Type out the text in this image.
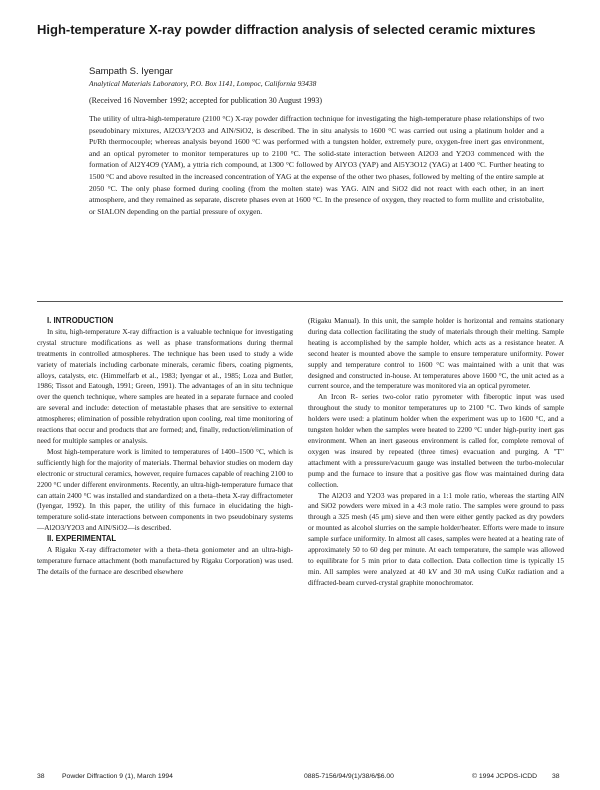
High-temperature X-ray powder diffraction analysis of selected ceramic mixtures
Sampath S. Iyengar
Analytical Materials Laboratory, P.O. Box 1141, Lompoc, California 93438
(Received 16 November 1992; accepted for publication 30 August 1993)
The utility of ultra-high-temperature (2100 °C) X-ray powder diffraction technique for investigating the high-temperature phase relationships of two pseudobinary mixtures, Al2O3/Y2O3 and AlN/SiO2, is described. The in situ analysis to 1600 °C was carried out using a platinum holder and a Pt/Rh thermocouple; whereas analysis beyond 1600 °C was performed with a tungsten holder, extremely pure, oxygen-free inert gas environment, and an optical pyrometer to monitor temperatures up to 2100 °C. The solid-state interaction between Al2O3 and Y2O3 commenced with the formation of Al2Y4O9 (YAM), a yttria rich compound, at 1300 °C followed by AlYO3 (YAP) and Al5Y3O12 (YAG) at 1400 °C. Further heating to 1500 °C and above resulted in the increased concentration of YAG at the expense of the other two phases, followed by melting of the entire sample at 2050 °C. The only phase formed during cooling (from the molten state) was YAG. AlN and SiO2 did not react with each other, in an inert atmosphere, and they remained as separate, discrete phases even at 1600 °C. In the presence of oxygen, they reacted to form mullite and cristobalite, or SIALON depending on the partial pressure of oxygen.

I. INTRODUCTION

In situ, high-temperature X-ray diffraction is a valuable technique for investigating crystal structure modifications as well as phase transformations during thermal treatments in controlled atmospheres. The technique has been used to study a wide variety of materials including carbonate minerals, ceramic fibers, coating pigments, alloys, catalysts, etc. (Himmelfarb et al., 1983; Iyengar et al., 1985; Loza and Butler, 1986; Tissot and Eatough, 1991; Green, 1991). The advantages of an in situ technique over the quench technique, where samples are heated in a separate furnace and cooled are several and include: detection of metastable phases that are sensitive to external atmospheres; elimination of possible rehydration upon cooling, real time monitoring of reactions that occur and products that are formed; and, finally, reduction/elimination of need for multiple samples or analysis.

Most high-temperature work is limited to temperatures of 1400–1500 °C, which is sufficiently high for the majority of materials. Thermal behavior studies on modern day electronic or structural ceramics, however, require furnaces capable of reaching 2100 to 2200 °C under different environments. Recently, an ultra-high-temperature furnace that can attain 2400 °C was installed and standardized on a theta–theta X-ray diffractometer (Iyengar, 1992). In this paper, the utility of this furnace in elucidating the high-temperature solid-state interactions between components in two pseudobinary systems—Al2O3/Y2O3 and AlN/SiO2—is described.

II. EXPERIMENTAL

A Rigaku X-ray diffractometer with a theta–theta goniometer and an ultra-high-temperature furnace attachment (both manufactured by Rigaku Corporation) was used. The details of the furnace are described elsewhere

(Rigaku Manual). In this unit, the sample holder is horizontal and remains stationary during data collection facilitating the study of materials through their melting. Sample heating is accomplished by the sample holder, which acts as a resistance heater. A second heater is mounted above the sample to ensure temperature uniformity. Power supply and temperature control to 1600 °C was maintained with a unit that was designed and constructed in-house. At temperatures above 1600 °C, the unit acted as a current source, and the temperature was monitored via an optical pyrometer.

An Ircon R- series two-color ratio pyrometer with fiberoptic input was used throughout the study to monitor temperatures up to 2100 °C. Two kinds of sample holders were used: a platinum holder when the experiment was up to 1600 °C, and a tungsten holder when the samples were heated to 2200 °C under high-purity inert gas environment. When an inert gaseous environment is called for, complete removal of oxygen was insured by repeated (three times) evacuation and purging. A "T" attachment with a pressure/vacuum gauge was installed between the turbo-molecular pump and the furnace to insure that a positive gas flow was maintained during data collection.

The Al2O3 and Y2O3 was prepared in a 1:1 mole ratio, whereas the starting AlN and SiO2 powders were mixed in a 4:3 mole ratio. The samples were ground to pass through a 325 mesh (45 μm) sieve and then were either gently packed as dry powders or mounted as alcohol slurries on the sample holder/heater. Efforts were made to insure sample surface uniformity. In almost all cases, samples were heated at a heating rate of approximately 50 to 60 deg per minute. At each temperature, the sample was allowed to equilibrate for 5 min prior to data collection. Data collection time is typically 15 min. All samples were analyzed at 40 kV and 30 mA using CuKα radiation and a diffracted-beam curved-crystal graphite monochromator.

38	Powder Diffraction 9 (1), March 1994	0885-7156/94/9(1)/38/6/$6.00	© 1994 JCPDS-ICDD 38
